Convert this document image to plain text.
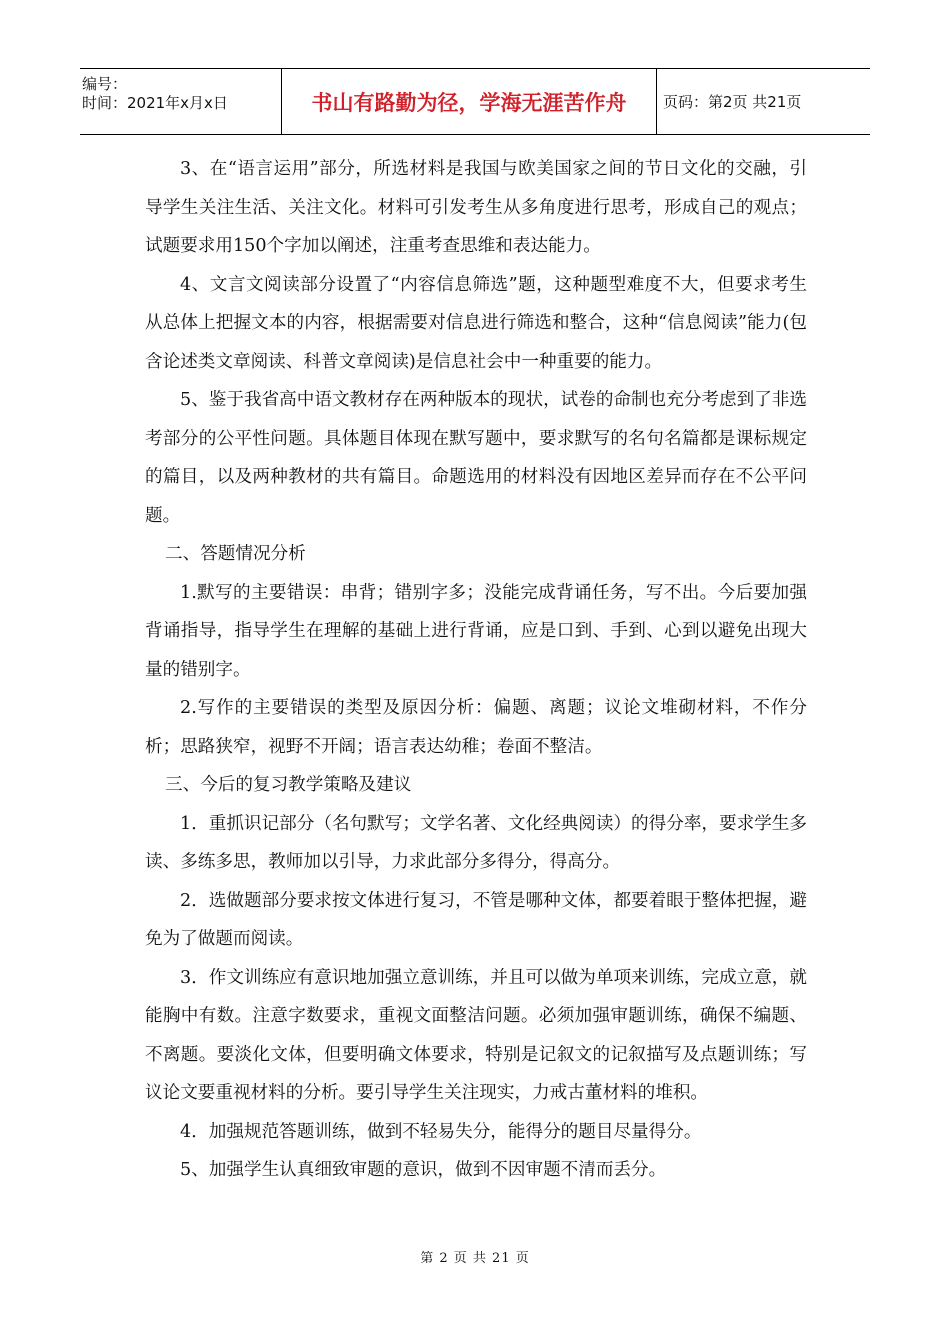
编号：
时间：2021年x月x日	书山有路勤为径，学海无涯苦作舟	页码：第2页 共21页

3、在“语言运用”部分，所选材料是我国与欧美国家之间的节日文化的交融，引导学生关注生活、关注文化。材料可引发考生从多角度进行思考，形成自己的观点；试题要求用150个字加以阐述，注重考查思维和表达能力。

4、文言文阅读部分设置了“内容信息筛选”题，这种题型难度不大，但要求考生从总体上把握文本的内容，根据需要对信息进行筛选和整合，这种“信息阅读”能力(包含论述类文章阅读、科普文章阅读)是信息社会中一种重要的能力。

5、鉴于我省高中语文教材存在两种版本的现状，试卷的命制也充分考虑到了非选考部分的公平性问题。具体题目体现在默写题中，要求默写的名句名篇都是课标规定的篇目，以及两种教材的共有篇目。命题选用的材料没有因地区差异而存在不公平问题。

二、答题情况分析

1.默写的主要错误：串背；错别字多；没能完成背诵任务，写不出。今后要加强背诵指导，指导学生在理解的基础上进行背诵，应是口到、手到、心到以避免出现大量的错别字。

2.写作的主要错误的类型及原因分析：偏题、离题；议论文堆砌材料，不作分析；思路狭窄，视野不开阔；语言表达幼稚；卷面不整洁。

三、今后的复习教学策略及建议

1．重抓识记部分（名句默写；文学名著、文化经典阅读）的得分率，要求学生多读、多练多思，教师加以引导，力求此部分多得分，得高分。

2．选做题部分要求按文体进行复习，不管是哪种文体，都要着眼于整体把握，避免为了做题而阅读。

3．作文训练应有意识地加强立意训练，并且可以做为单项来训练，完成立意，就能胸中有数。注意字数要求，重视文面整洁问题。必须加强审题训练，确保不编题、不离题。要淡化文体，但要明确文体要求，特别是记叙文的记叙描写及点题训练；写议论文要重视材料的分析。要引导学生关注现实，力戒古董材料的堆积。

4．加强规范答题训练，做到不轻易失分，能得分的题目尽量得分。

5、加强学生认真细致审题的意识，做到不因审题不清而丢分。

第 2 页 共 21 页
